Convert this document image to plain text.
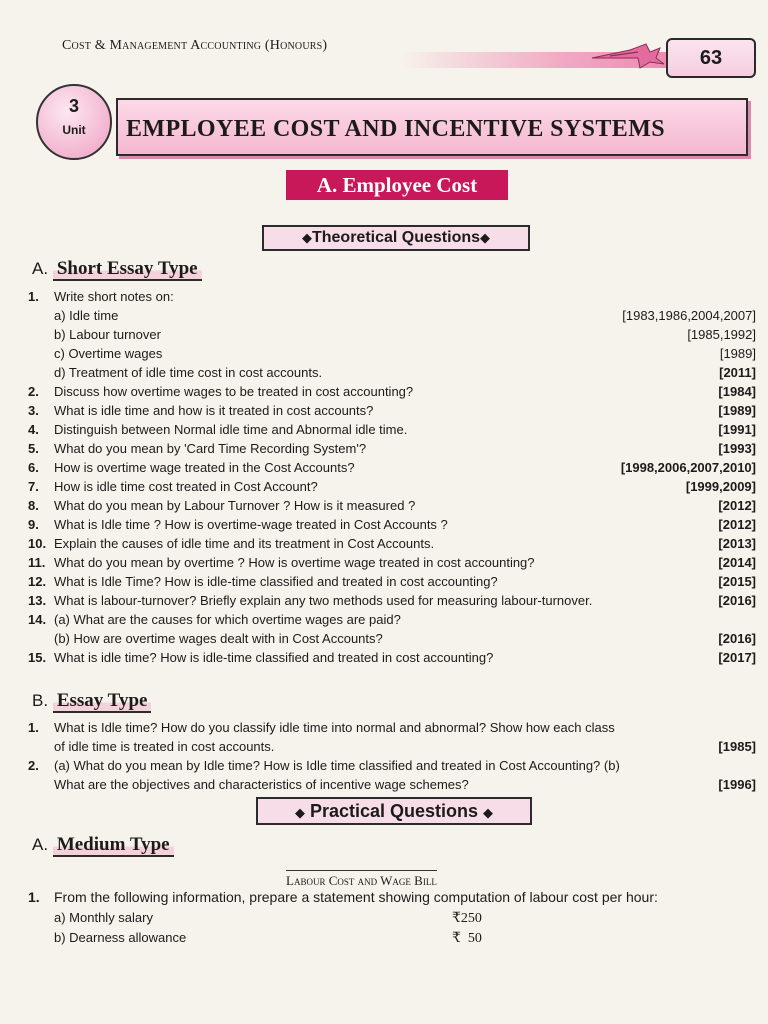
Cost & Management Accounting (Honours)
63
3
Unit	EMPLOYEE COST AND INCENTIVE SYSTEMS
A. Employee Cost
◆Theoretical Questions◆
A. Short Essay Type
1. Write short notes on:
a) Idle time	[1983,1986,2004,2007]
b) Labour turnover	[1985,1992]
c) Overtime wages	[1989]
d) Treatment of idle time cost in cost accounts.	[2011]
2. Discuss how overtime wages to be treated in cost accounting?	[1984]
3. What is idle time and how is it treated in cost accounts?	[1989]
4. Distinguish between Normal idle time and Abnormal idle time.	[1991]
5. What do you mean by 'Card Time Recording System'?	[1993]
6. How is overtime wage treated in the Cost Accounts?	[1998,2006,2007,2010]
7. How is idle time cost treated in Cost Account?	[1999,2009]
8. What do you mean by Labour Turnover ? How is it measured ?	[2012]
9. What is Idle time ? How is overtime-wage treated in Cost Accounts ?	[2012]
10. Explain the causes of idle time and its treatment in Cost Accounts.	[2013]
11. What do you mean by overtime ? How is overtime wage treated in cost accounting?	[2014]
12. What is Idle Time? How is idle-time classified and treated in cost accounting?	[2015]
13. What is labour-turnover? Briefly explain any two methods used for measuring labour-turnover.	[2016]
14. (a) What are the causes for which overtime wages are paid?
(b) How are overtime wages dealt with in Cost Accounts?	[2016]
15. What is idle time? How is idle-time classified and treated in cost accounting?	[2017]
B. Essay Type
1. What is Idle time? How do you classify idle time into normal and abnormal? Show how each class
of idle time is treated in cost accounts.	[1985]
2. (a) What do you mean by Idle time? How is Idle time classified and treated in Cost Accounting? (b)
What are the objectives and characteristics of incentive wage schemes?	[1996]
◆ Practical Questions ◆
A. Medium Type
Labour Cost and Wage Bill
1. From the following information, prepare a statement showing computation of labour cost per hour:
a) Monthly salary	₹250
b) Dearness allowance	₹  50
